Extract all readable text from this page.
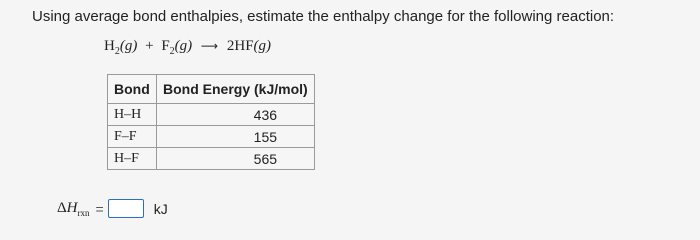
Using average bond enthalpies, estimate the enthalpy change for the following reaction:
$H_2(g) + F_2(g)$ ⟶ 2HF(g)
Bond	Bond Energy (kJ/mol)
H–H	436
F–F	155
H–F	565
$\Delta H_{rxn}$ =	kJ
